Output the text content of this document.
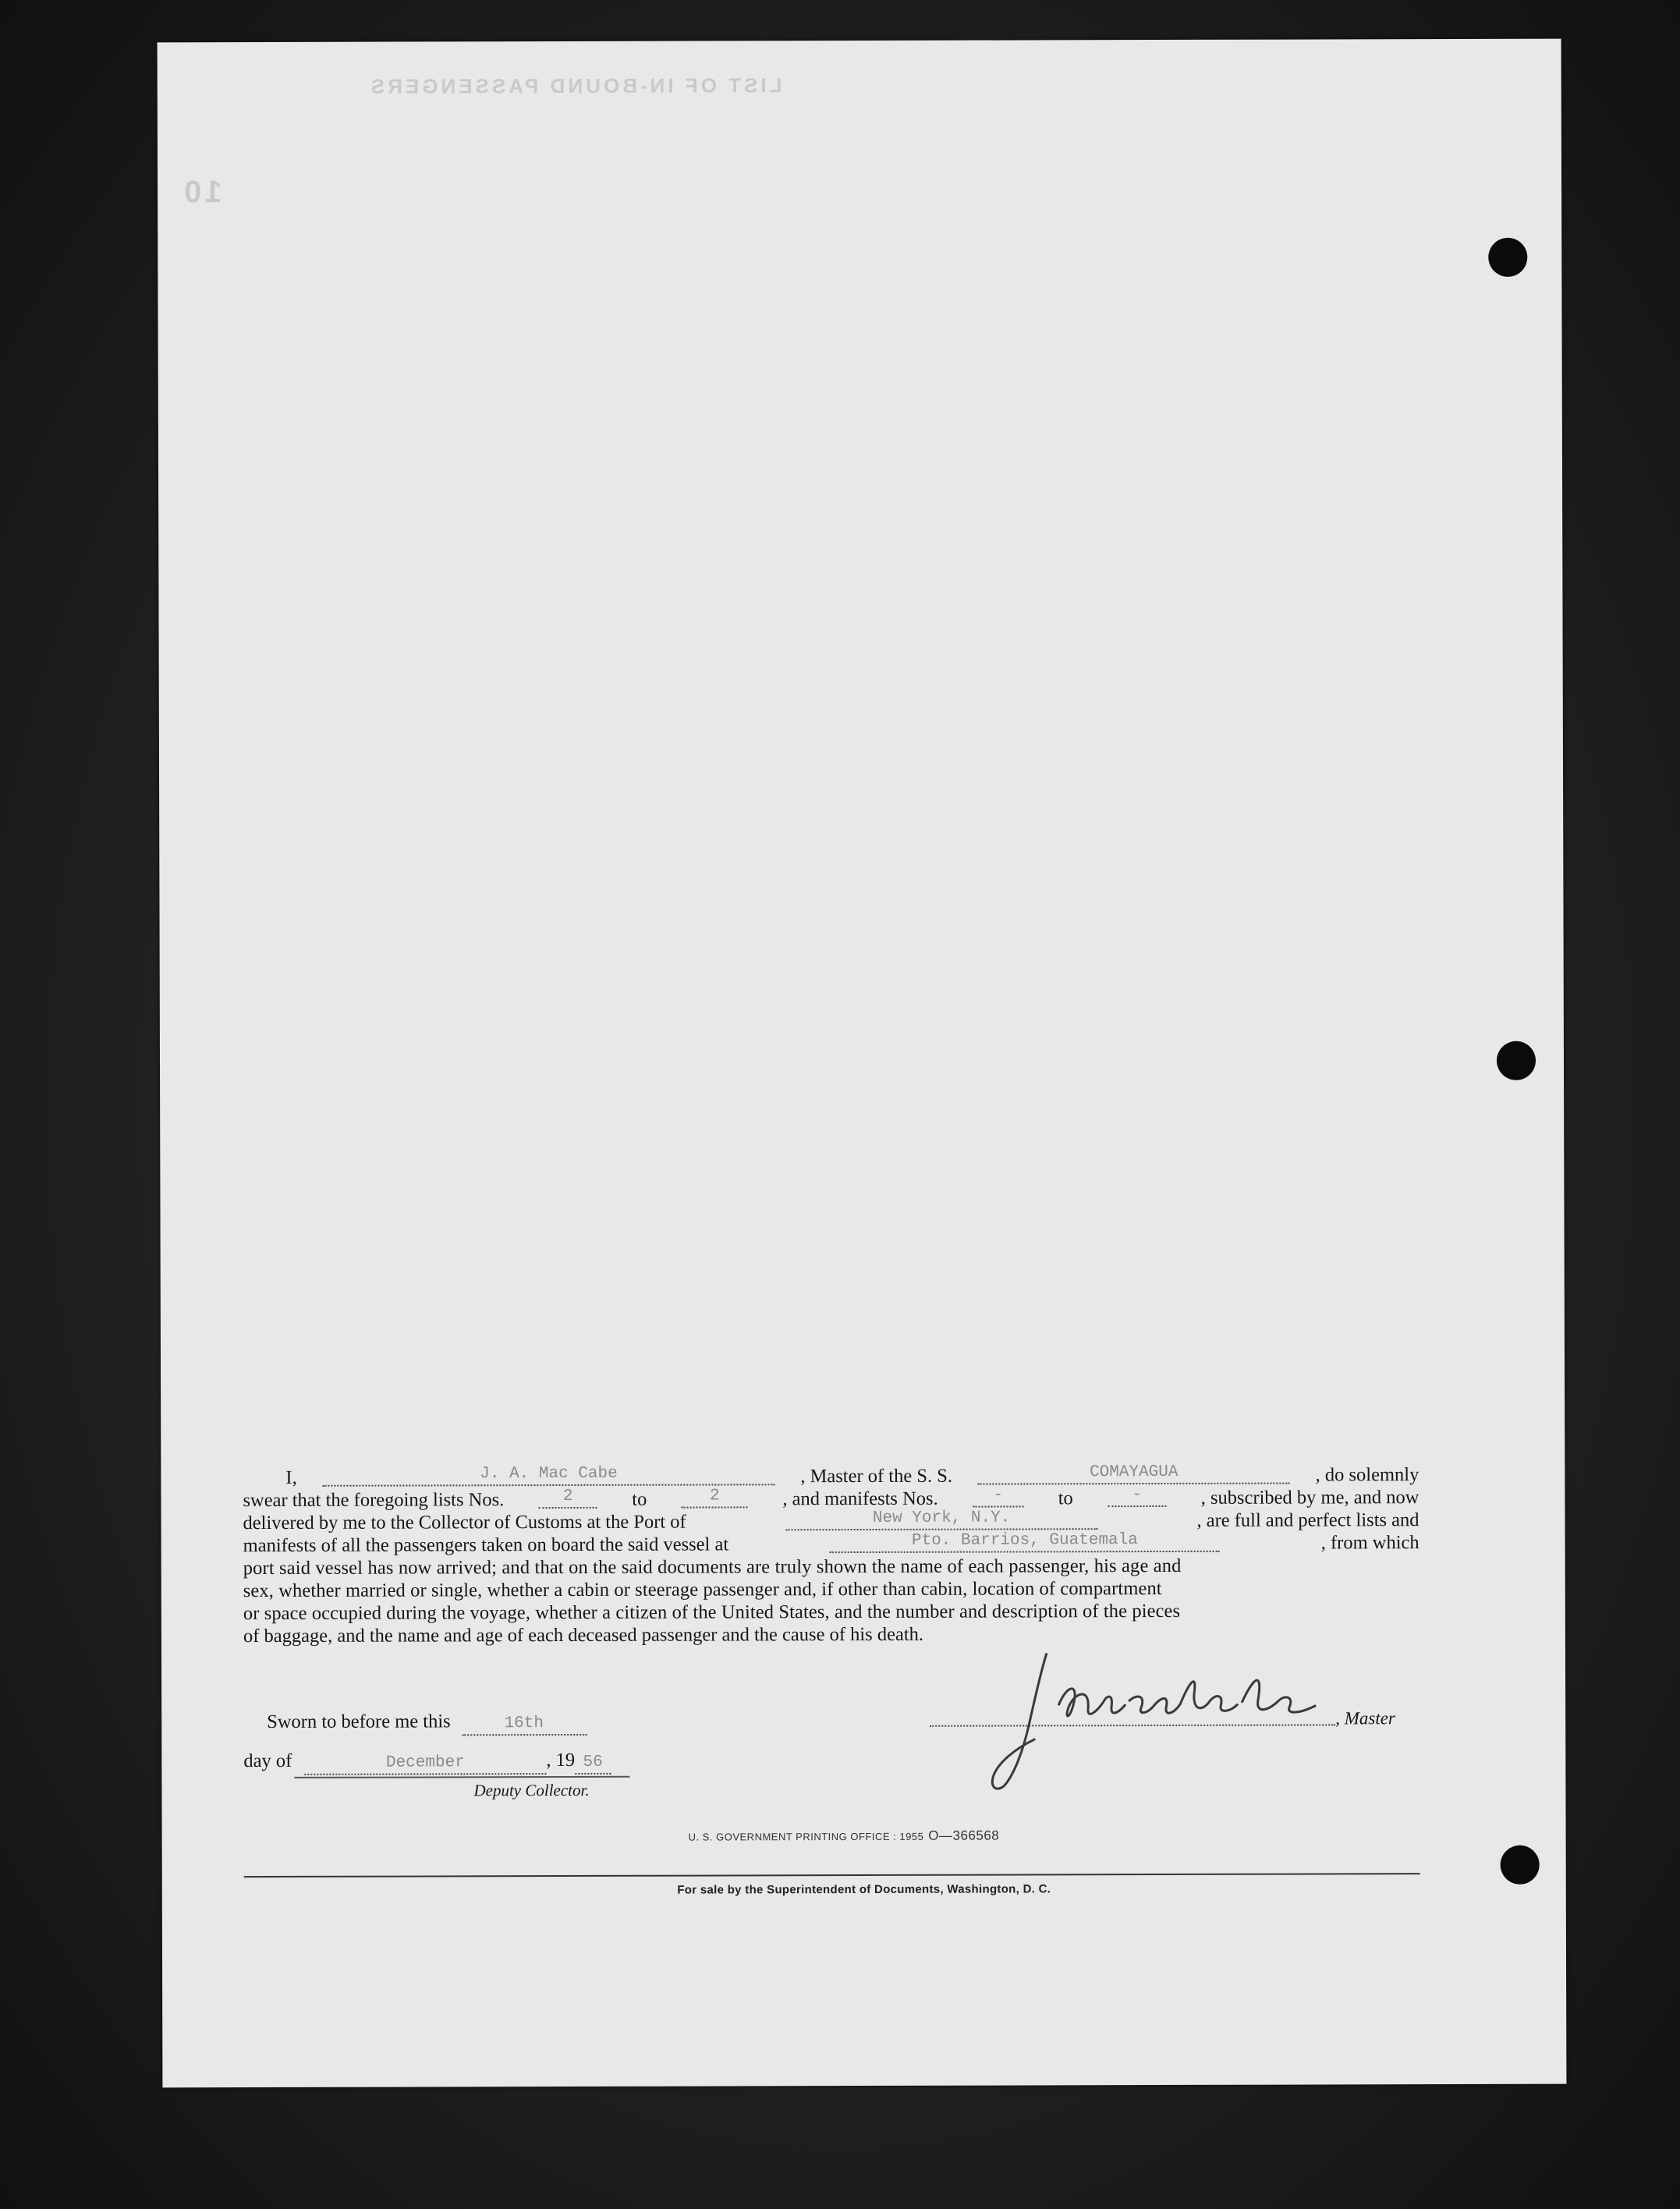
LIST OF IN-BOUND PASSENGERS
10
I,	J. A. Mac Cabe	, Master of the S. S.	COMAYAGUA	, do solemnly
swear that the foregoing lists Nos.	2	to	2	, and manifests Nos.	-	to	-	, subscribed by me, and now
delivered by me to the Collector of Customs at the Port of	New York, N.Y.	, are full and perfect lists and
manifests of all the passengers taken on board the said vessel at	Pto. Barrios, Guatemala	, from which
port said vessel has now arrived; and that on the said documents are truly shown the name of each passenger, his age and
sex, whether married or single, whether a cabin or steerage passenger and, if other than cabin, location of compartment
or space occupied during the voyage, whether a citizen of the United States, and the number and description of the pieces
of baggage, and the name and age of each deceased passenger and the cause of his death.
Sworn to before me this	16th
day of	December	, 19 56
Deputy Collector.
, Master
U. S. GOVERNMENT PRINTING OFFICE : 1955 O—366568
For sale by the Superintendent of Documents, Washington, D. C.
